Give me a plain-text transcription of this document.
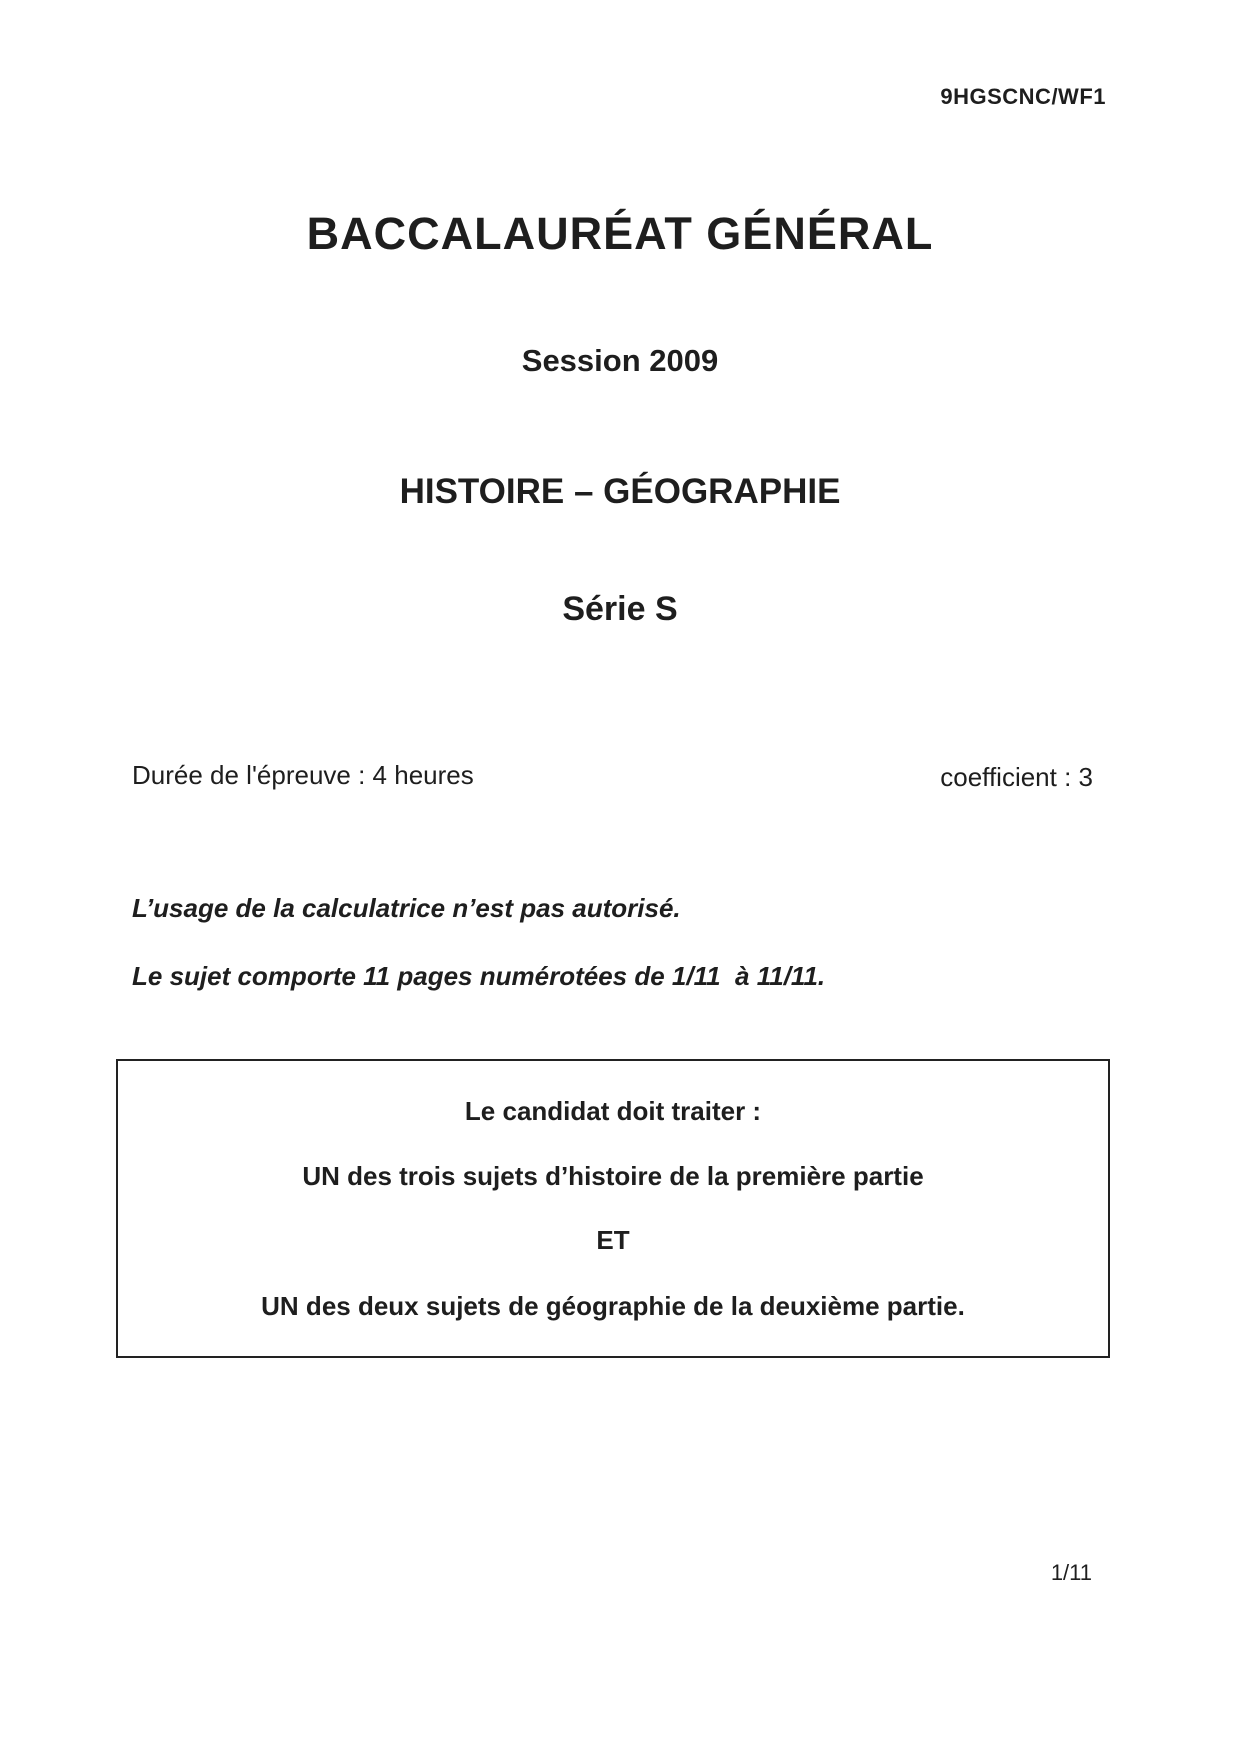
9HGSCNC/WF1

BACCALAURÉAT GÉNÉRAL

Session 2009

HISTOIRE – GÉOGRAPHIE

Série S

Durée de l'épreuve : 4 heures	coefficient : 3

L’usage de la calculatrice n’est pas autorisé.

Le sujet comporte 11 pages numérotées de 1/11  à 11/11.

Le candidat doit traiter :

UN des trois sujets d’histoire de la première partie

ET

UN des deux sujets de géographie de la deuxième partie.

1/11
